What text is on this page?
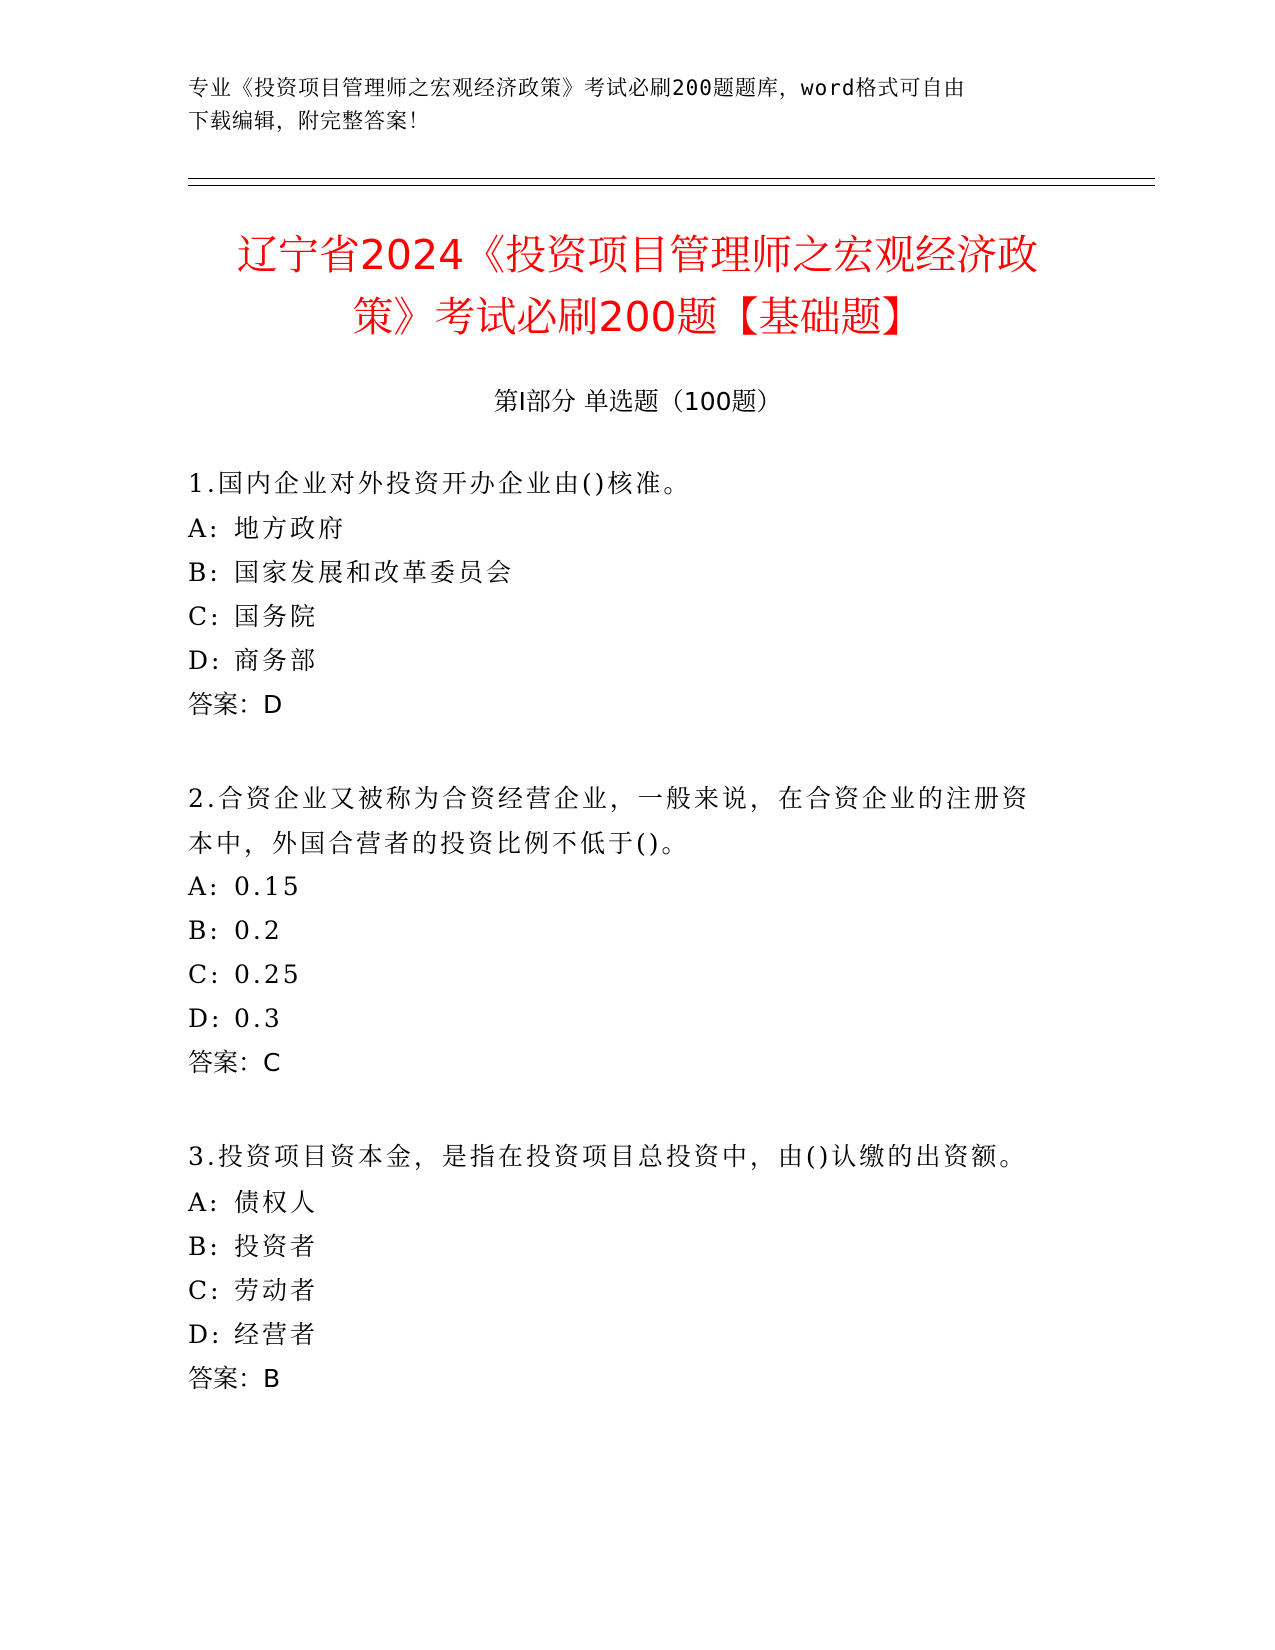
专业《投资项目管理师之宏观经济政策》考试必刷200题题库，word格式可自由
下载编辑，附完整答案！
辽宁省2024《投资项目管理师之宏观经济政
策》考试必刷200题【基础题】
第Ⅰ部分 单选题（100题）
1.国内企业对外投资开办企业由()核准。
A: 地方政府
B: 国家发展和改革委员会
C: 国务院
D: 商务部
答案：D
2.合资企业又被称为合资经营企业，一般来说，在合资企业的注册资
本中，外国合营者的投资比例不低于()。
A: 0.15
B: 0.2
C: 0.25
D: 0.3
答案：C
3.投资项目资本金，是指在投资项目总投资中，由()认缴的出资额。
A: 债权人
B: 投资者
C: 劳动者
D: 经营者
答案：B
